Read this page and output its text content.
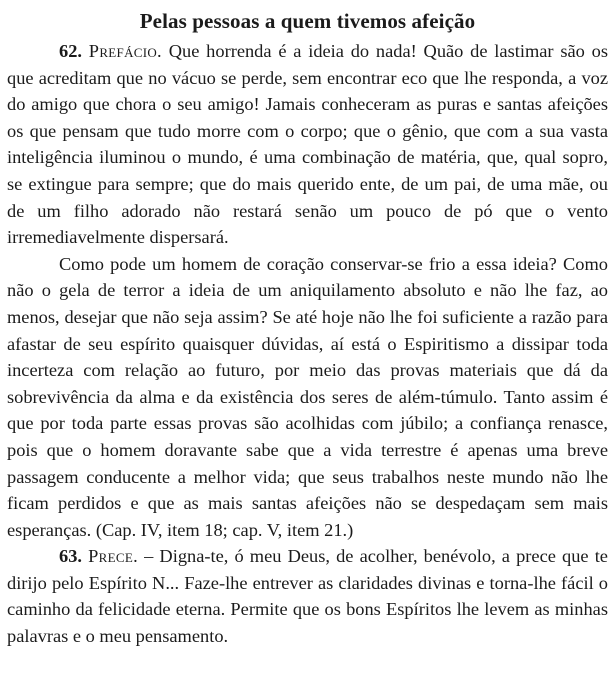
Pelas pessoas a quem tivemos afeição

62. Prefácio. Que horrenda é a ideia do nada! Quão de lastimar são os que acreditam que no vácuo se perde, sem encontrar eco que lhe responda, a voz do amigo que chora o seu amigo! Jamais conheceram as puras e santas afeições os que pensam que tudo morre com o corpo; que o gênio, que com a sua vasta inteligência iluminou o mundo, é uma combinação de matéria, que, qual sopro, se extingue para sempre; que do mais querido ente, de um pai, de uma mãe, ou de um filho adorado não restará senão um pouco de pó que o vento irremediavelmente dispersará.

Como pode um homem de coração conservar-se frio a essa ideia? Como não o gela de terror a ideia de um aniquilamento absoluto e não lhe faz, ao menos, desejar que não seja assim? Se até hoje não lhe foi suficiente a razão para afastar de seu espírito quaisquer dúvidas, aí está o Espiritismo a dissipar toda incerteza com relação ao futuro, por meio das provas materiais que dá da sobrevivência da alma e da existência dos seres de além-túmulo. Tanto assim é que por toda parte essas provas são acolhidas com júbilo; a confiança renasce, pois que o homem doravante sabe que a vida terrestre é apenas uma breve passagem conducente a melhor vida; que seus trabalhos neste mundo não lhe ficam perdidos e que as mais santas afeições não se despedaçam sem mais esperanças. (Cap. IV, item 18; cap. V, item 21.)

63. Prece. – Digna-te, ó meu Deus, de acolher, benévolo, a prece que te dirijo pelo Espírito N... Faze-lhe entrever as claridades divinas e torna-lhe fácil o caminho da felicidade eterna. Permite que os bons Espíritos lhe levem as minhas palavras e o meu pensamento.
